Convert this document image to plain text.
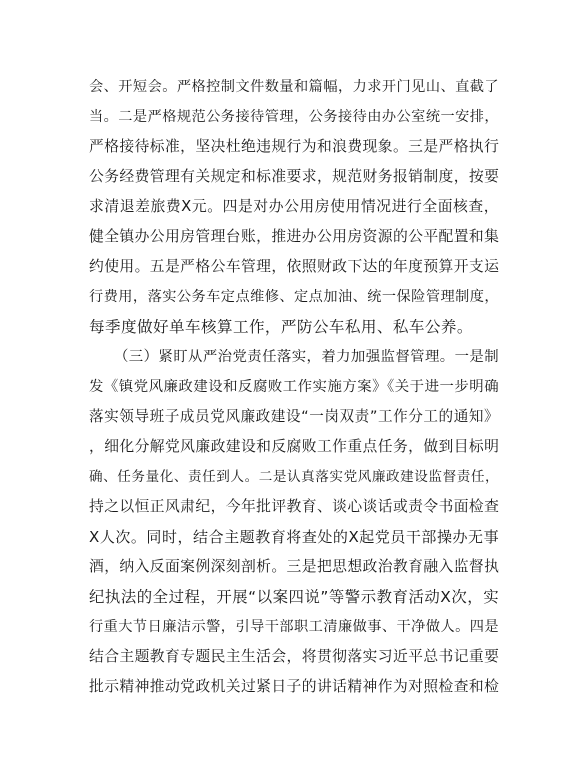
会、开短会。严格控制文件数量和篇幅，力求开门见山、直截了
当。二是严格规范公务接待管理，公务接待由办公室统一安排，
严格接待标准，坚决杜绝违规行为和浪费现象。三是严格执行
公务经费管理有关规定和标准要求，规范财务报销制度，按要
求清退差旅费X元。四是对办公用房使用情况进行全面核查，
健全镇办公用房管理台账，推进办公用房资源的公平配置和集
约使用。五是严格公车管理，依照财政下达的年度预算开支运
行费用，落实公务车定点维修、定点加油、统一保险管理制度，
每季度做好单车核算工作，严防公车私用、私车公养。
（三）紧盯从严治党责任落实，着力加强监督管理。一是制
发《镇党风廉政建设和反腐败工作实施方案》《关于进一步明确
落实领导班子成员党风廉政建设“一岗双责”工作分工的通知》
，细化分解党风廉政建设和反腐败工作重点任务，做到目标明
确、任务量化、责任到人。二是认真落实党风廉政建设监督责任，
持之以恒正风肃纪，今年批评教育、谈心谈话或责令书面检查
X人次。同时，结合主题教育将查处的X起党员干部操办无事
酒，纳入反面案例深刻剖析。三是把思想政治教育融入监督执
纪执法的全过程，开展“以案四说”等警示教育活动X次，实
行重大节日廉洁示警，引导干部职工清廉做事、干净做人。四是
结合主题教育专题民主生活会，将贯彻落实习近平总书记重要
批示精神推动党政机关过紧日子的讲话精神作为对照检查和检
